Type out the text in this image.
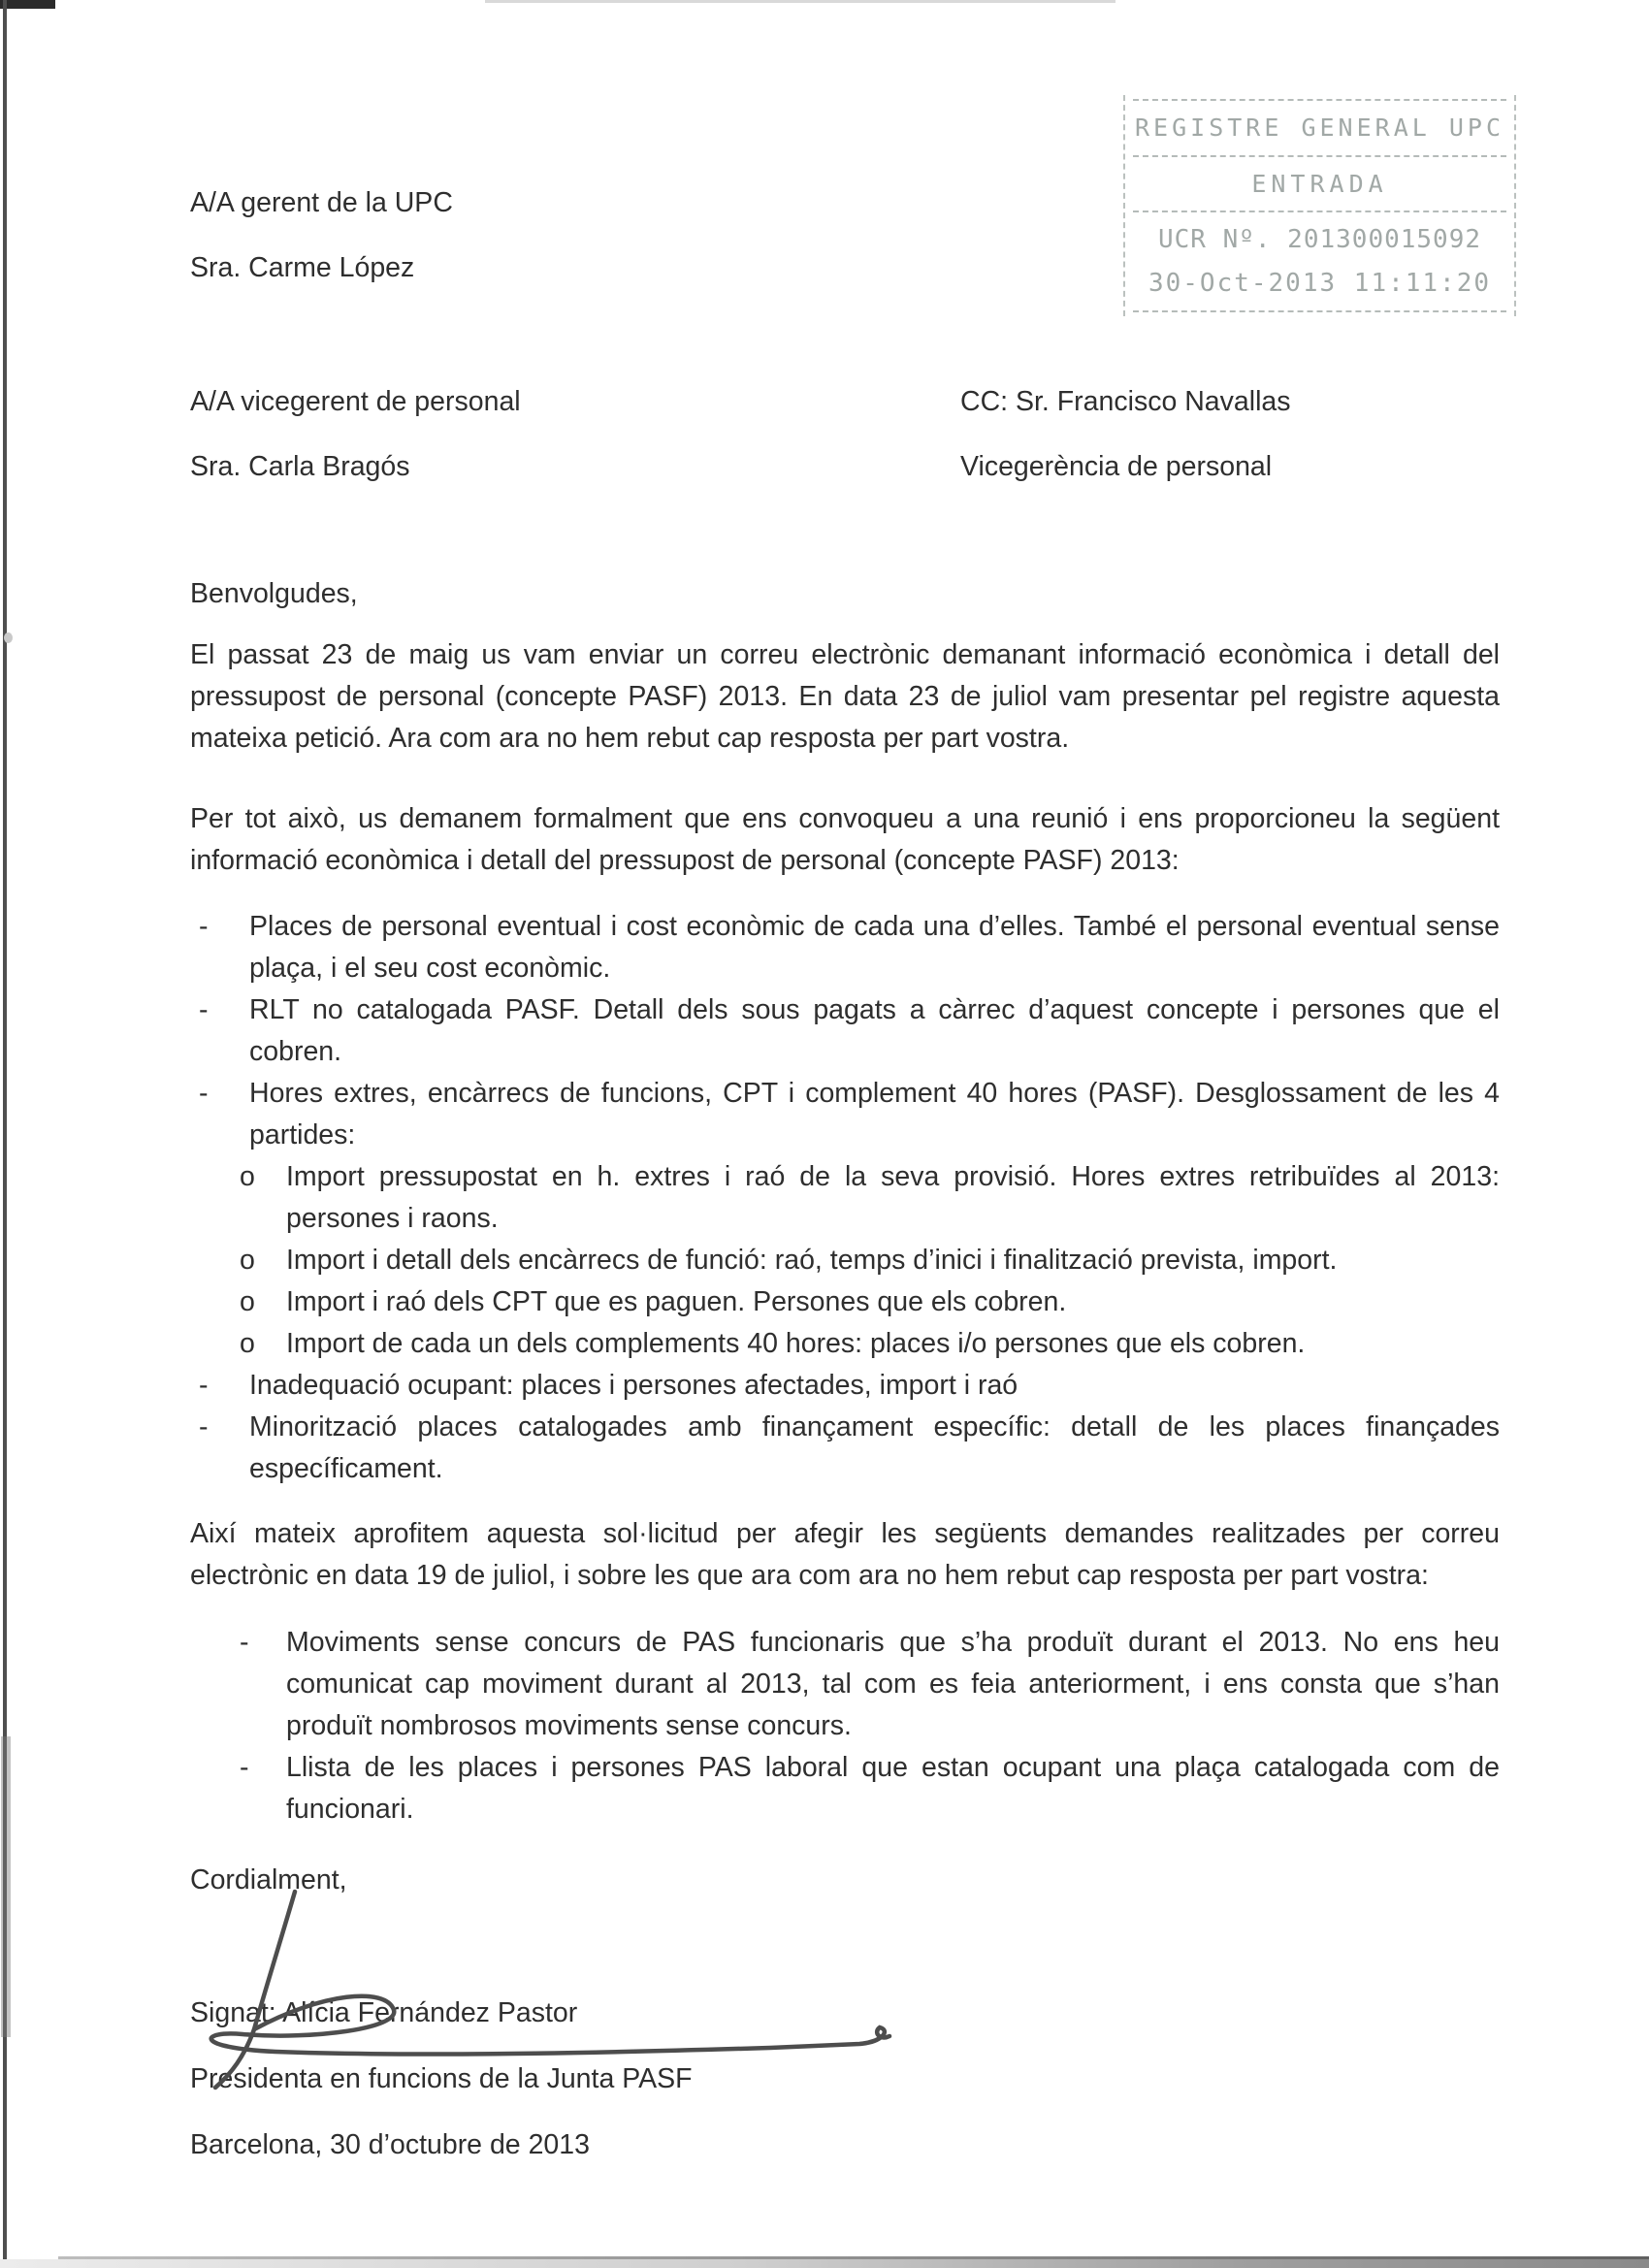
REGISTRE GENERAL UPC
ENTRADA
UCR Nº. 201300015092
30-Oct-2013 11:11:20
A/A gerent de la UPC
Sra. Carme López
A/A vicegerent de personal	CC: Sr. Francisco Navallas
Sra. Carla Bragós	Vicegerència de personal
Benvolgudes,
El passat 23 de maig us vam enviar un correu electrònic demanant informació econòmica i detall del pressupost de personal (concepte PASF) 2013. En data 23 de juliol vam presentar pel registre aquesta mateixa petició. Ara com ara no hem rebut cap resposta per part vostra.
Per tot això, us demanem formalment que ens convoqueu a una reunió i ens proporcioneu la següent informació econòmica i detall del pressupost de personal (concepte PASF) 2013:
-	Places de personal eventual i cost econòmic de cada una d’elles. També el personal eventual sense plaça, i el seu cost econòmic.
-	RLT no catalogada PASF. Detall dels sous pagats a càrrec d’aquest concepte i persones que el cobren.
-	Hores extres, encàrrecs de funcions, CPT i complement 40 hores (PASF). Desglossament de les 4 partides:
o	Import pressupostat en h. extres i raó de la seva provisió. Hores extres retribuïdes al 2013: persones i raons.
o	Import i detall dels encàrrecs de funció: raó, temps d’inici i finalització prevista, import.
o	Import i raó dels CPT que es paguen. Persones que els cobren.
o	Import de cada un dels complements 40 hores: places i/o persones que els cobren.
-	Inadequació ocupant: places i persones afectades, import i raó
-	Minorització places catalogades amb finançament específic: detall de les places finançades específicament.
Així mateix aprofitem aquesta sol·licitud per afegir les següents demandes realitzades per correu electrònic en data 19 de juliol, i sobre les que ara com ara no hem rebut cap resposta per part vostra:
-	Moviments sense concurs de PAS funcionaris que s’ha produït durant el 2013. No ens heu comunicat cap moviment durant al 2013, tal com es feia anteriorment, i ens consta que s’han produït nombrosos moviments sense concurs.
-	Llista de les places i persones PAS laboral que estan ocupant una plaça catalogada com de funcionari.
Cordialment,
Signat: Alícia Fernández Pastor
Presidenta en funcions de la Junta PASF
Barcelona, 30 d’octubre de 2013
